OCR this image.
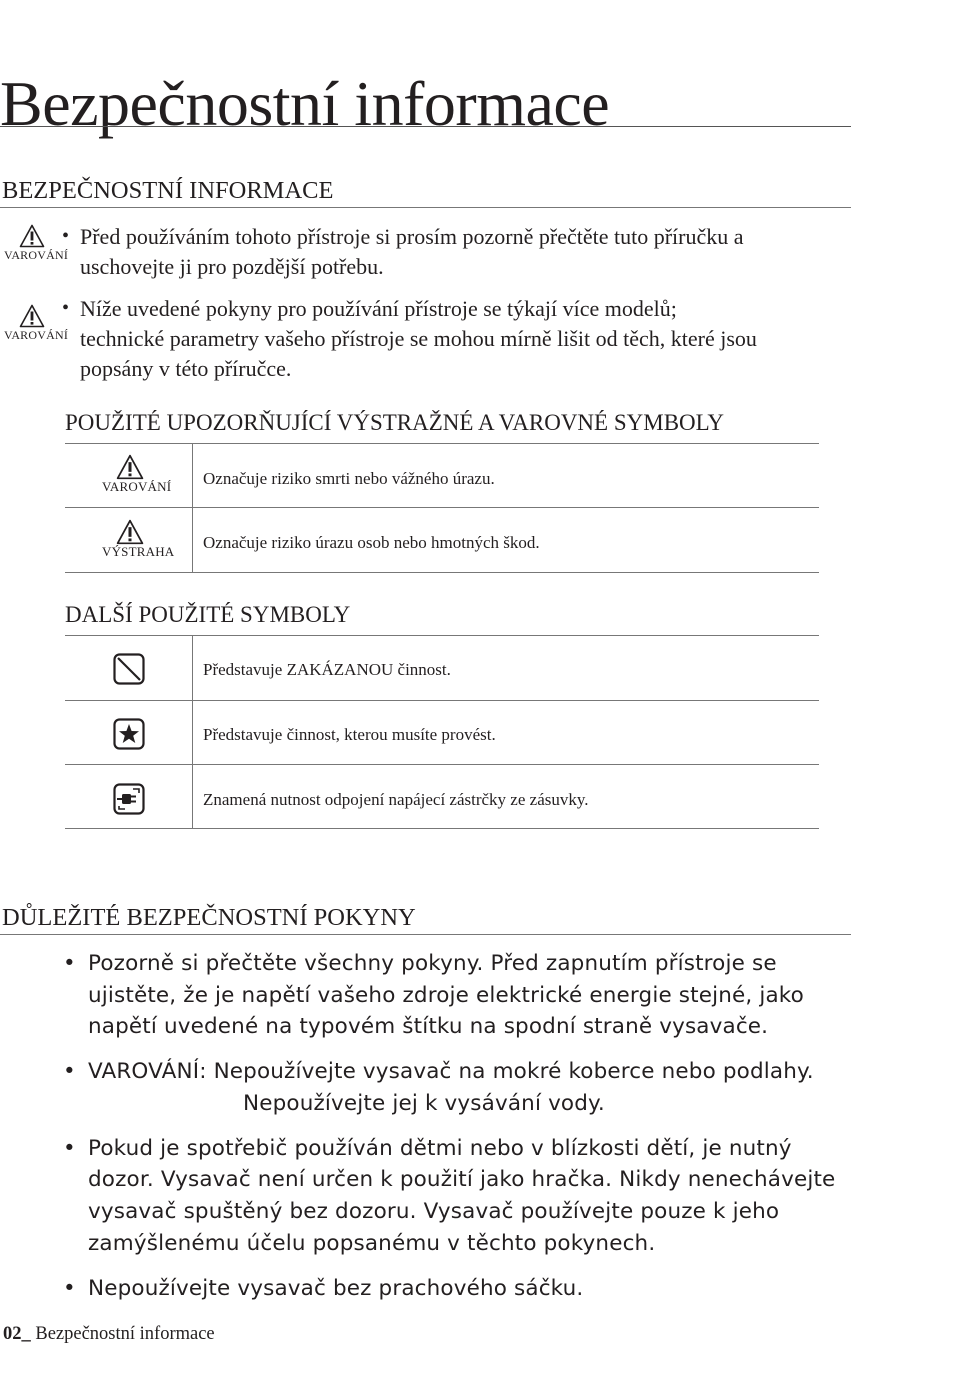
Bezpečnostní informace
BEZPEČNOSTNÍ INFORMACE
VAROVÁNÍ
• Před používáním tohoto přístroje si prosím pozorně přečtěte tuto příručku a
uschovejte ji pro pozdější potřebu.
VAROVÁNÍ
• Níže uvedené pokyny pro používání přístroje se týkají více modelů;
technické parametry vašeho přístroje se mohou mírně lišit od těch, které jsou
popsány v této příručce.
POUŽITÉ UPOZORŇUJÍCÍ VÝSTRAŽNÉ A VAROVNÉ SYMBOLY
VAROVÁNÍ Označuje riziko smrti nebo vážného úrazu.
VÝSTRAHA Označuje riziko úrazu osob nebo hmotných škod.
DALŠÍ POUŽITÉ SYMBOLY
Představuje ZAKÁZANOU činnost.
Představuje činnost, kterou musíte provést.
Znamená nutnost odpojení napájecí zástrčky ze zásuvky.
DŮLEŽITÉ BEZPEČNOSTNÍ POKYNY
• Pozorně si přečtěte všechny pokyny. Před zapnutím přístroje se
ujistěte, že je napětí vašeho zdroje elektrické energie stejné, jako
napětí uvedené na typovém štítku na spodní straně vysavače.
• VAROVÁNÍ: Nepoužívejte vysavač na mokré koberce nebo podlahy.
Nepoužívejte jej k vysávání vody.
• Pokud je spotřebič používán dětmi nebo v blízkosti dětí, je nutný
dozor. Vysavač není určen k použití jako hračka. Nikdy nenechávejte
vysavač spuštěný bez dozoru. Vysavač používejte pouze k jeho
zamýšlenému účelu popsanému v těchto pokynech.
• Nepoužívejte vysavač bez prachového sáčku.
02_ Bezpečnostní informace
